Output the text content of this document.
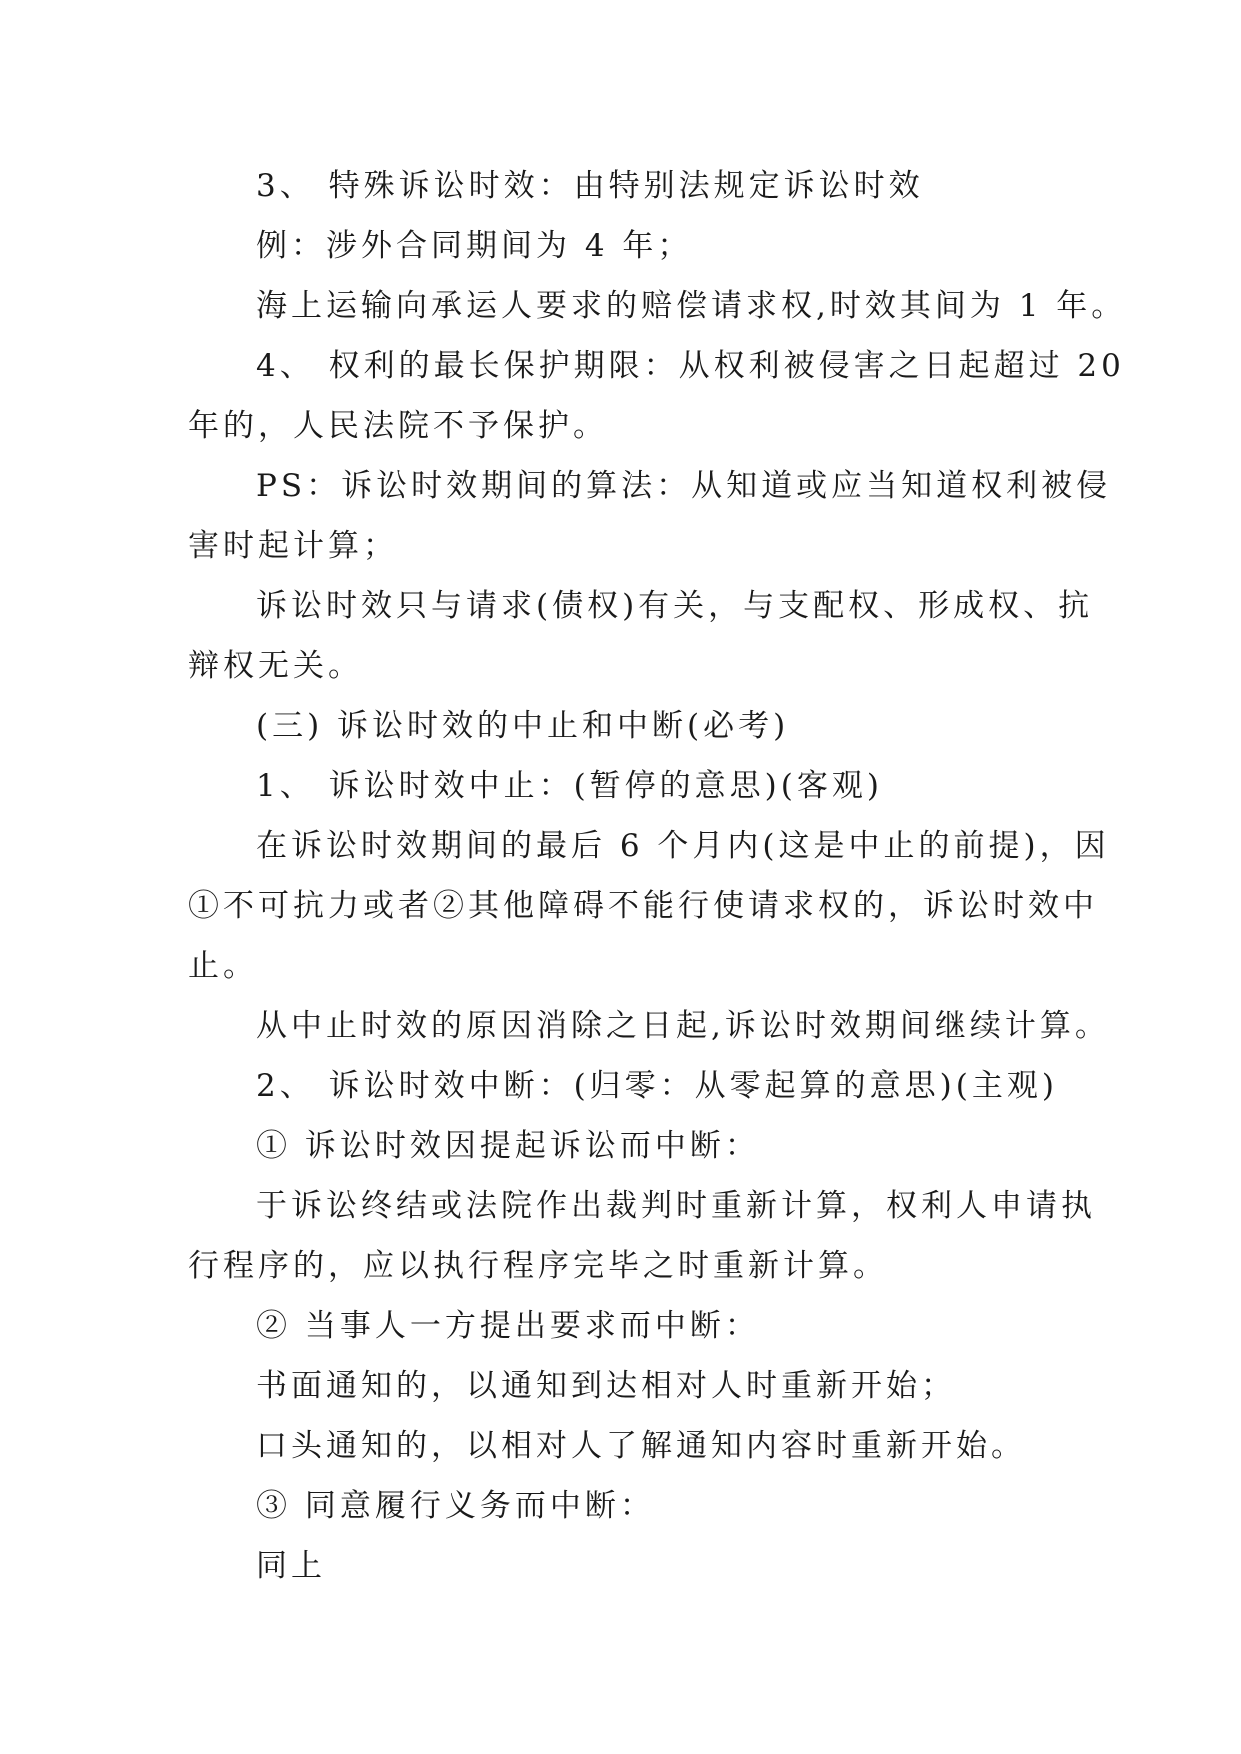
3、 特殊诉讼时效：由特别法规定诉讼时效
例：涉外合同期间为 4 年；
海上运输向承运人要求的赔偿请求权,时效其间为 1 年。
4、 权利的最长保护期限：从权利被侵害之日起超过 20
年的，人民法院不予保护。
PS：诉讼时效期间的算法：从知道或应当知道权利被侵
害时起计算；
诉讼时效只与请求(债权)有关，与支配权、形成权、抗
辩权无关。
(三) 诉讼时效的中止和中断(必考)
1、 诉讼时效中止：(暂停的意思)(客观)
在诉讼时效期间的最后 6 个月内(这是中止的前提)，因
①不可抗力或者②其他障碍不能行使请求权的，诉讼时效中
止。
从中止时效的原因消除之日起,诉讼时效期间继续计算。
2、 诉讼时效中断：(归零：从零起算的意思)(主观)
① 诉讼时效因提起诉讼而中断：
于诉讼终结或法院作出裁判时重新计算，权利人申请执
行程序的，应以执行程序完毕之时重新计算。
② 当事人一方提出要求而中断：
书面通知的，以通知到达相对人时重新开始；
口头通知的，以相对人了解通知内容时重新开始。
③ 同意履行义务而中断：
同上
